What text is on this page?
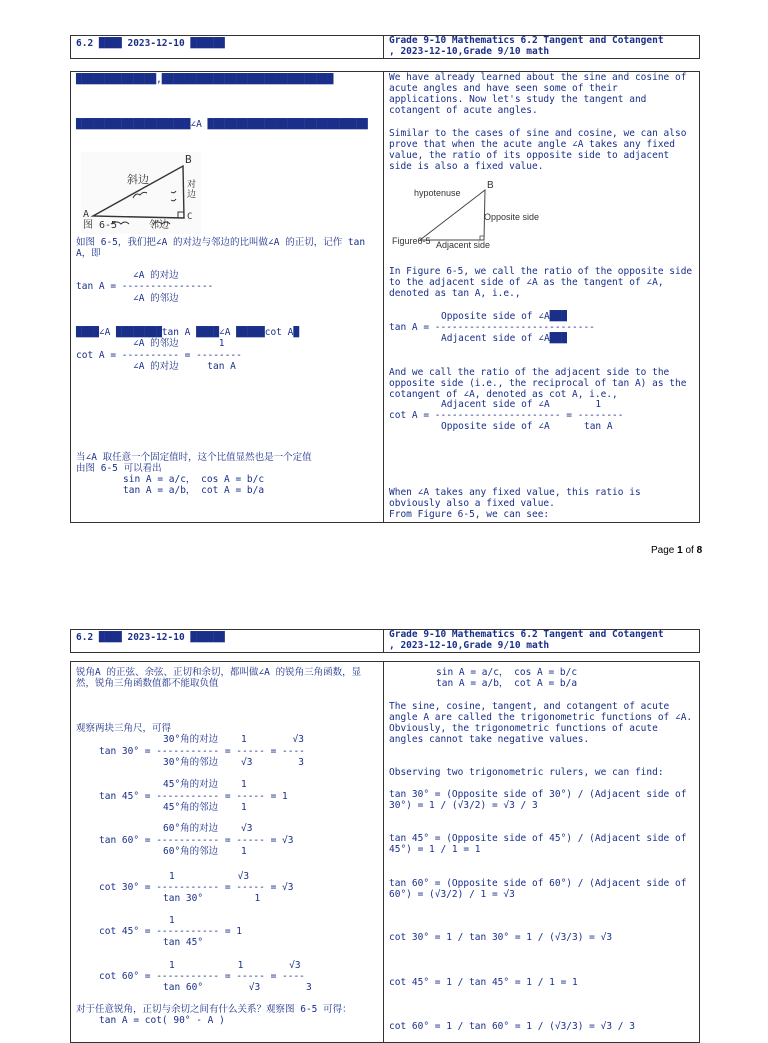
6.2 ████ 2023-12-10 ██████	Grade 9-10 Mathematics 6.2 Tangent and Cotangent
, 2023-12-10,Grade 9/10 math
██████████████,██████████████████████████████
████████████████████∠A ████████████████████████████
B
斜边	对
边
A	C
图 6-5	邻边
如图 6-5，我们把∠A 的对边与邻边的比叫做∠A 的正切，记作 tan A，即
∠A 的对边
tan A = ----------------
∠A 的邻边
████∠A ████████tan A ████∠A █████cot A█
∠A 的邻边       1
cot A = ---------- = --------
∠A 的对边     tan A
当∠A 取任意一个固定值时，这个比值显然也是一个定值
由图 6-5 可以看出
sin A = a/c， cos A = b/c
tan A = a/b， cot A = b/a
We have already learned about the sine and cosine of acute angles and have seen some of their applications. Now let's study the tangent and cotangent of acute angles.
Similar to the cases of sine and cosine, we can also prove that when the acute angle ∠A takes any fixed value, the ratio of its opposite side to adjacent side is also a fixed value.
hypotenuse
B
Opposite side
Figure6-5 Adjacent side
In Figure 6-5, we call the ratio of the opposite side to the adjacent side of ∠A as the tangent of ∠A, denoted as tan A, i.e.,
Opposite side of ∠A███
tan A = ----------------------------
Adjacent side of ∠A███
And we call the ratio of the adjacent side to the opposite side (i.e., the reciprocal of tan A) as the cotangent of ∠A, denoted as cot A, i.e.,
Adjacent side of ∠A        1
cot A = ---------------------- = --------
Opposite side of ∠A      tan A
When ∠A takes any fixed value, this ratio is obviously also a fixed value.
From Figure 6-5, we can see:
Page 1 of 8
6.2 ████ 2023-12-10 ██████	Grade 9-10 Mathematics 6.2 Tangent and Cotangent
, 2023-12-10,Grade 9/10 math
锐角A 的正弦、余弦、正切和余切，都叫做∠A 的锐角三角函数，显然，锐角三角函数值都不能取负值
观察两块三角尺，可得
30°角的对边    1        √3
tan 30° = ----------- = ----- = ----
30°角的邻边    √3        3
45°角的对边    1
tan 45° = ----------- = ----- = 1
45°角的邻边    1
60°角的对边    √3
tan 60° = ----------- = ----- = √3
60°角的邻边    1
1           √3
cot 30° = ----------- = ----- = √3
tan 30°         1
1
cot 45° = ----------- = 1
tan 45°
1           1        √3
cot 60° = ----------- = ----- = ----
tan 60°        √3        3
对于任意锐角，正切与余切之间有什么关系？观察图 6-5 可得：
tan A = cot( 90° - A )
sin A = a/c， cos A = b/c
tan A = a/b， cot A = b/a
The sine, cosine, tangent, and cotangent of acute angle A are called the trigonometric functions of ∠A. Obviously, the trigonometric functions of acute angles cannot take negative values.
Observing two trigonometric rulers, we can find:
tan 30° = (Opposite side of 30°) / (Adjacent side of 30°) = 1 / (√3/2) = √3 / 3
tan 45° = (Opposite side of 45°) / (Adjacent side of 45°) = 1 / 1 = 1
tan 60° = (Opposite side of 60°) / (Adjacent side of 60°) = (√3/2) / 1 = √3
cot 30° = 1 / tan 30° = 1 / (√3/3) = √3
cot 45° = 1 / tan 45° = 1 / 1 = 1
cot 60° = 1 / tan 60° = 1 / (√3/3) = √3 / 3
